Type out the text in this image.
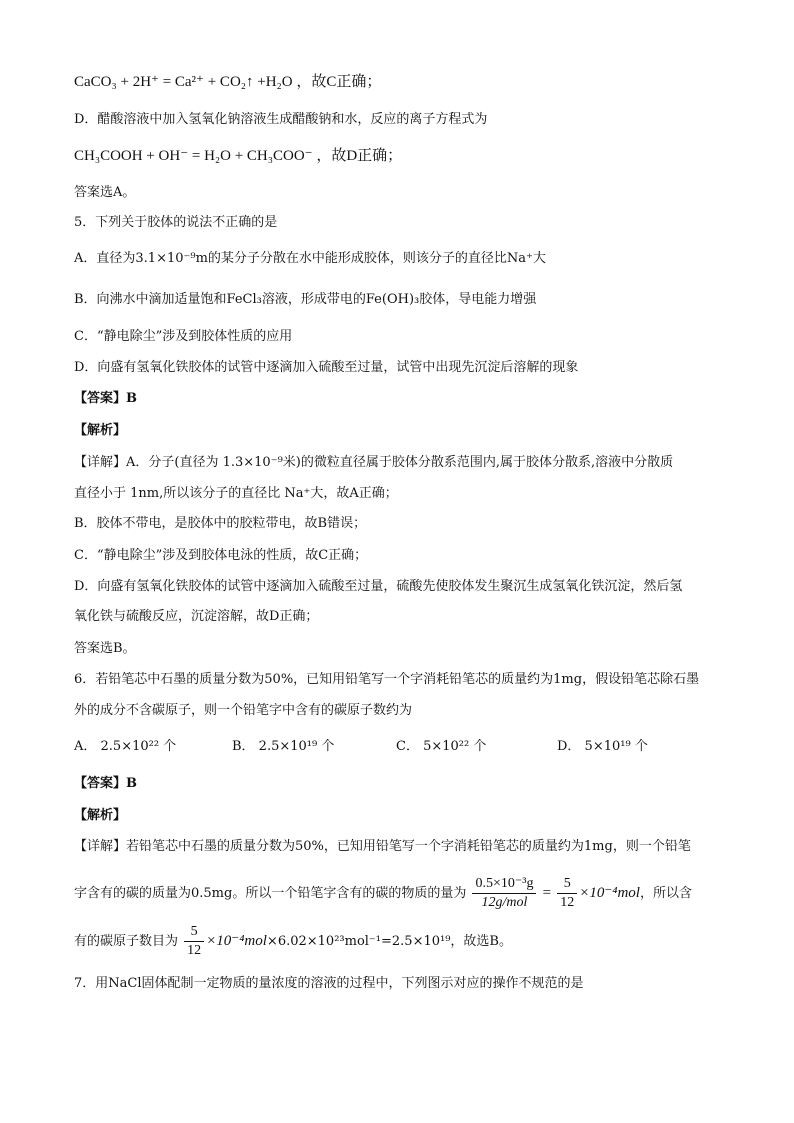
CaCO₃ + 2H⁺ = Ca²⁺ + CO₂↑ +H₂O ，故C正确；
D．醋酸溶液中加入氢氧化钠溶液生成醋酸钠和水，反应的离子方程式为
CH₃COOH + OH⁻ = H₂O + CH₃COO⁻ ，故D正确；
答案选A。
5．下列关于胶体的说法不正确的是
A．直径为3.1×10⁻⁹m的某分子分散在水中能形成胶体，则该分子的直径比Na⁺大
B．向沸水中滴加适量饱和FeCl₃溶液，形成带电的Fe(OH)₃胶体，导电能力增强
C．“静电除尘”涉及到胶体性质的应用
D．向盛有氢氧化铁胶体的试管中逐滴加入硫酸至过量，试管中出现先沉淀后溶解的现象
【答案】B
【解析】
【详解】A．分子(直径为 1.3×10⁻⁹米)的微粒直径属于胶体分散系范围内,属于胶体分散系,溶液中分散质
直径小于 1nm,所以该分子的直径比 Na⁺大，故A正确；
B．胶体不带电，是胶体中的胶粒带电，故B错误；
C．“静电除尘”涉及到胶体电泳的性质，故C正确；
D．向盛有氢氧化铁胶体的试管中逐滴加入硫酸至过量，硫酸先使胶体发生聚沉生成氢氧化铁沉淀，然后氢
氧化铁与硫酸反应，沉淀溶解，故D正确；
答案选B。
6．若铅笔芯中石墨的质量分数为50%，已知用铅笔写一个字消耗铅笔芯的质量约为1mg，假设铅笔芯除石墨
外的成分不含碳原子，则一个铅笔字中含有的碳原子数约为
A． 2.5×10²² 个	B． 2.5×10¹⁹ 个	C． 5×10²² 个	D． 5×10¹⁹ 个
【答案】B
【解析】
【详解】若铅笔芯中石墨的质量分数为50%，已知用铅笔写一个字消耗铅笔芯的质量约为1mg，则一个铅笔
字含有的碳的质量为0.5mg。所以一个铅笔字含有的碳的物质的量为 $\frac{\text{0.5×10⁻³g}}{\text{12g/mol}} = \frac{5}{12} \times 10^{-4}mol$，所以含
有的碳原子数目为 $\frac{5}{12} \times 10^{-4}mol\times 6.02\times 10^{23}mol^{-1}=2.5\times 10^{19}$，故选B。
7．用NaCl固体配制一定物质的量浓度的溶液的过程中，下列图示对应的操作不规范的是
